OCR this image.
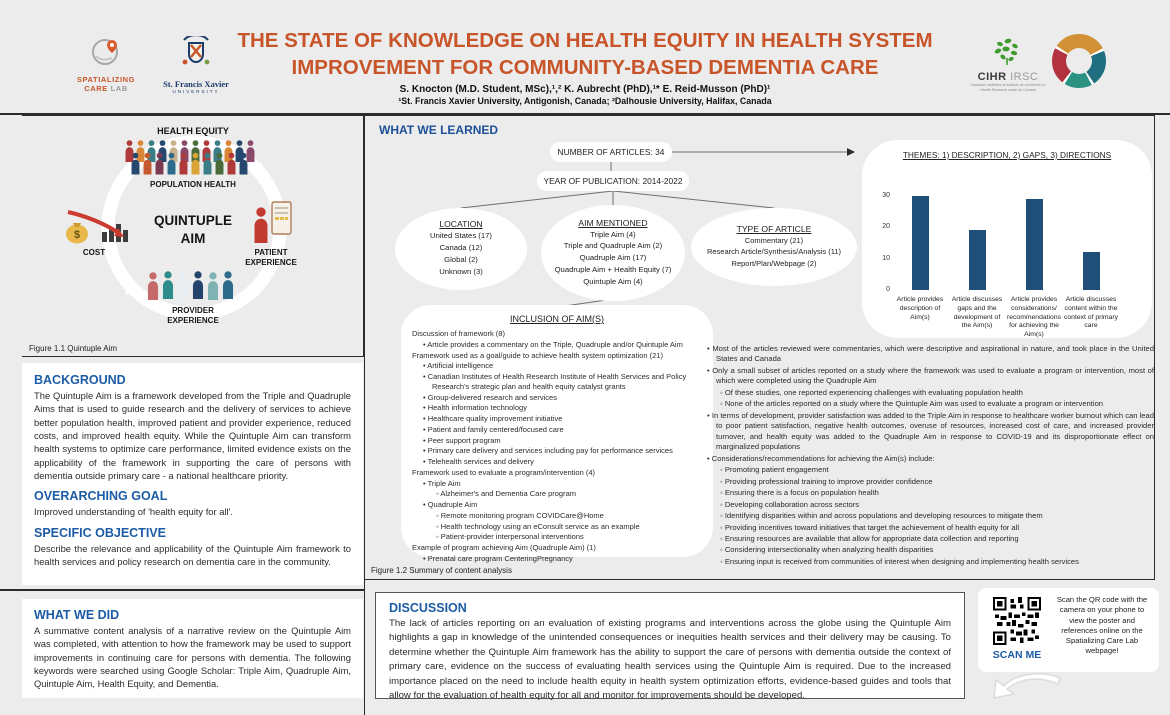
SPATIALIZING
CARE LAB	St. Francis Xavier
UNIVERSITY
THE STATE OF KNOWLEDGE ON HEALTH EQUITY IN HEALTH SYSTEM
IMPROVEMENT FOR COMMUNITY-BASED DEMENTIA CARE
S. Knocton (M.D. Student, MSc),¹,² K. Aubrecht (PhD),¹* E. Reid-Musson (PhD)¹
¹St. Francis Xavier University, Antigonish, Canada; ²Dalhousie University, Halifax, Canada
CIHR IRSC
Canadian Institutes of Instituts de recherche en
Health Research santé du Canada
$
HEALTH EQUITY
POPULATION HEALTH
QUINTUPLE AIM
COST	PATIENT EXPERIENCE
PROVIDER EXPERIENCE
Figure 1.1 Quintuple Aim
BACKGROUND
The Quintuple Aim is a framework developed from the Triple and Quadruple Aims that is used to guide research and the delivery of services to achieve better population health, improved patient and provider experience, reduced costs, and improved health equity. While the Quintuple Aim can transform health systems to optimize care performance, limited evidence exists on the applicability of the framework in supporting the care of persons with dementia outside primary care - a national healthcare priority.
OVERARCHING GOAL
Improved understanding of 'health equity for all'.
SPECIFIC OBJECTIVE
Describe the relevance and applicability of the Quintuple Aim framework to health services and policy research on dementia care in the community.
WHAT WE DID
A summative content analysis of a narrative review on the Quintuple Aim was completed, with attention to how the framework may be used to support improvements in continuing care for persons with dementia. The following keywords were searched using Google Scholar: Triple Aim, Quadruple Aim, Quintuple Aim, Health Equity, and Dementia.
WHAT WE LEARNED
NUMBER OF ARTICLES: 34
YEAR OF PUBLICATION: 2014-2022
LOCATION
United States (17)
Canada (12)
Global (2)
Unknown (3)
AIM MENTIONED
Triple Aim (4)
Triple and Quadruple Aim (2)
Quadruple Aim (17)
Quadruple Aim + Health Equity (7)
Quintuple Aim (4)
TYPE OF ARTICLE
Commentary (21)
Research Article/Synthesis/Analysis (11)
Report/Plan/Webpage (2)
INCLUSION OF AIM(S)
Discussion of framework (8)
• Article provides a commentary on the Triple, Quadruple and/or Quintuple Aim
Framework used as a goal/guide to achieve health system optimization (21)
• Artificial intelligence
• Canadian Institutes of Health Research Institute of Health Services and Policy Research's strategic plan and health equity catalyst grants
• Group-delivered research and services
• Health information technology
• Healthcare quality improvement initiative
• Patient and family centered/focused care
• Peer support program
• Primary care delivery and services including pay for performance services
• Telehealth services and delivery
Framework used to evaluate a program/intervention (4)
• Triple Aim
◦ Alzheimer's and Dementia Care program
• Quadruple Aim
◦ Remote monitoring program COVIDCare@Home
◦ Health technology using an eConsult service as an example
◦ Patient-provider interpersonal interventions
Example of program achieving Aim (Quadruple Aim) (1)
• Prenatal care program CenteringPregnancy
THEMES: 1) DESCRIPTION, 2) GAPS, 3) DIRECTIONS
0
10
20
30
Article provides description of Aim(s)
Article discusses gaps and the development of the Aim(s)
Article provides considerations/​recommendations for achieving the Aim(s)
Article discusses content within the context of primary care
• Most of the articles reviewed were commentaries, which were descriptive and aspirational in nature, and took place in the United States and Canada
• Only a small subset of articles reported on a study where the framework was used to evaluate a program or intervention, most of which were completed using the Quadruple Aim
◦ Of these studies, one reported experiencing challenges with evaluating population health
◦ None of the articles reported on a study where the Quintuple Aim was used to evaluate a program or intervention
• In terms of development, provider satisfaction was added to the Triple Aim in response to healthcare worker burnout which can lead to poor patient satisfaction, negative health outcomes, overuse of resources, increased cost of care, and increased provider turnover, and health equity was added to the Quadruple Aim in response to COVID-19 and its disproportionate effect on marginalized populations
• Considerations/recommendations for achieving the Aim(s) include:
◦ Promoting patient engagement
◦ Providing professional training to improve provider confidence
◦ Ensuring there is a focus on population health
◦ Developing collaboration across sectors
◦ Identifying disparities within and across populations and developing resources to mitigate them
◦ Providing incentives toward initiatives that target the achievement of health equity for all
◦ Ensuring resources are available that allow for appropriate data collection and reporting
◦ Considering intersectionality when analyzing health disparities
◦ Ensuring input is received from communities of interest when designing and implementing health services
Figure 1.2 Summary of content analysis
DISCUSSION
The lack of articles reporting on an evaluation of existing programs and interventions across the globe using the Quintuple Aim highlights a gap in knowledge of the unintended consequences or inequities health services and their delivery may be causing. To determine whether the Quintuple Aim framework has the ability to support the care of persons with dementia outside the context of primary care, evidence on the success of evaluating health services using the Quintuple Aim is required. Due to the increased importance placed on the need to include health equity in health system optimization efforts, evidence-based guides and tools that allow for the evaluation of health equity for all and monitor for improvements should be developed.
SCAN ME
Scan the QR code with the camera on your phone to view the poster and references online on the Spatializing Care Lab webpage!
